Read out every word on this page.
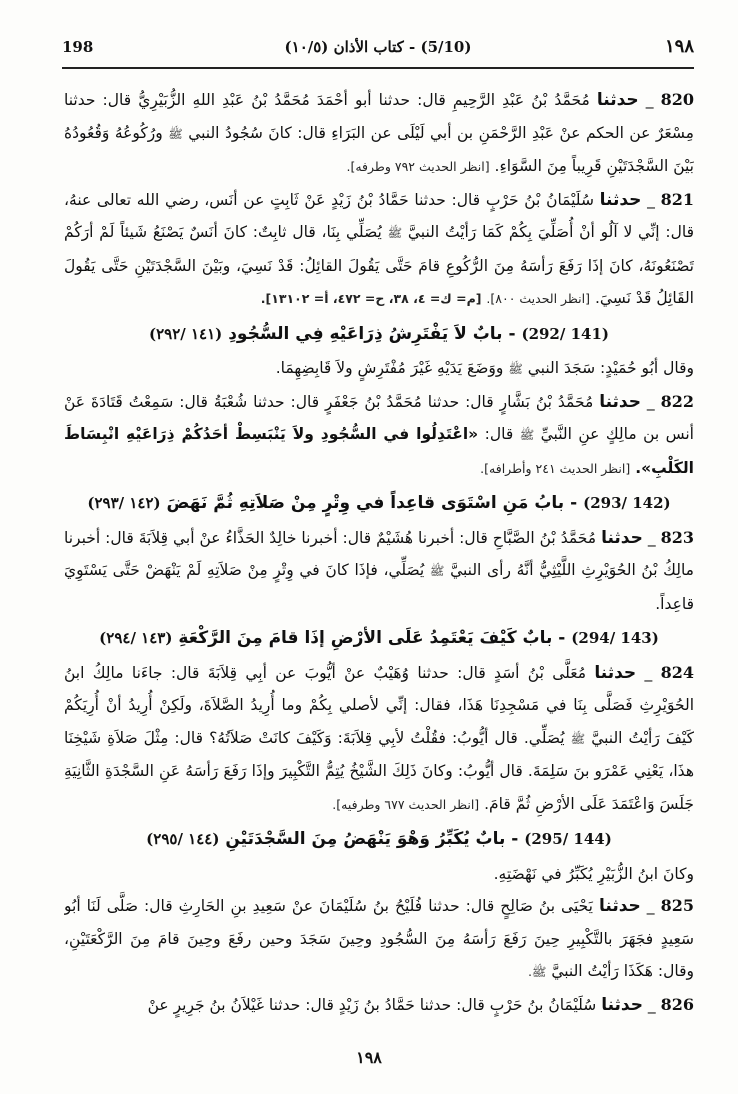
198	(5/10) - كتاب الأذان (١٠/٥)	١٩٨

820 _ حدثنا مُحَمَّدُ بْنُ عَبْدِ الرَّحِيمِ قال: حدثنا أبو أحْمَدَ مُحَمَّدُ بْنُ عَبْدِ اللهِ الزُّبَيْرِيُّ قال: حدثنا مِسْعَرٌ عن الحكم عنْ عَبْدِ الرَّحْمَنِ بن أبي لَيْلَى عن البَرَاءِ قال: كانَ سُجُودُ النبي ﷺ ورُكُوعُهُ وَقُعُودُهُ بَيْنَ السَّجْدَتَيْنِ قَرِيباً مِنَ السَّوَاءِ. [انظر الحديث ٧٩٢ وطرفه].

821 _ حدثنا سُلَيْمَانُ بْنُ حَرْبٍ قال: حدثنا حَمَّادُ بْنُ زَيْدٍ عَنْ ثَابِتٍ عن أنَس، رضي الله تعالى عنهُ، قال: إنِّي لا آلُو أنْ أُصَلِّيَ بِكُمْ كَمَا رَأيْتُ النبيَّ ﷺ يُصَلِّي بِنَا، قال ثابِتٌ: كانَ أنَسٌ يَصْنَعُ شَيئاً لَمْ أرَكُمْ تَصْنَعُونَهُ، كانَ إذَا رَفَعَ رَأسَهُ مِنَ الرُّكُوعِ قامَ حَتَّى يَقُولَ القائِلُ: قَدْ نَسِيَ، وبَيْنَ السَّجْدَتَيْنِ حَتَّى يَقُولَ القَائِلُ قَدْ نَسِيَ. [انظر الحديث ٨٠٠]. [م= ك= ٤، ٣٨، ح= ٤٧٢، أ= ١٣١٠٢].

(141 /292) - بابٌ لاَ يَفْتَرِشُ ذِرَاعَيْهِ فِي السُّجُودِ (١٤١ /٢٩٢)

وقال أبُو حُمَيْدٍ: سَجَدَ النبي ﷺ ووَضَعَ يَدَيْهِ غَيْرَ مُفْتَرِشٍ ولاَ قَابِضِهِمَا.

822 _ حدثنا مُحَمَّدُ بْنُ بَشَّارٍ قال: حدثنا مُحَمَّدُ بْنُ جَعْفَرٍ قال: حدثنا شُعْبَةُ قال: سَمِعْتُ قَتَادَةَ عَنْ أنس بن مالِكٍ عنِ النَّبيِّ ﷺ قال: «اعْتَدِلُوا في السُّجُودِ ولاَ يَنْبَسِطْ أحَدُكُمْ ذِرَاعَيْهِ انْبِسَاطَ الكَلْبِ». [انظر الحديث ٢٤١ وأطرافه].

(142 /293) - بابُ مَنِ اسْتَوَى قاعِداً في وِتْرٍ مِنْ صَلاَتِهِ ثُمَّ نَهَضَ (١٤٢ /٢٩٣)

823 _ حدثنا مُحَمَّدُ بْنُ الصَّبَّاحِ قال: أخبرنا هُشَيْمٌ قال: أخبرنا خالِدٌ الحَذَّاءُ عنْ أبي قِلاَبَةَ قال: أخبرنا مالِكُ بْنُ الحُوَيْرِثِ اللَّيْثِيُّ أنَّهُ رأى النبيَّ ﷺ يُصَلِّي، فإذَا كانَ في وِتْرٍ مِنْ صَلاَتِهِ لَمْ يَنْهَضْ حَتَّى يَسْتَوِيَ قاعِداً.

(143 /294) - بابٌ كَيْفَ يَعْتَمِدُ عَلَى الأرْضِ إذَا قامَ مِنَ الرَّكْعَةِ (١٤٣ /٢٩٤)

824 _ حدثنا مُعَلَّى بْنُ أسَدٍ قال: حدثنا وُهَيْبٌ عنْ أيُّوبَ عن أبِي قِلاَبَةَ قال: جاءَنا مالِكُ ابنُ الحُوَيْرِثِ فَصَلَّى بِنَا في مَسْجِدِنَا هَذَا، فقال: إنِّي لأصلي بِكُمْ وما أُرِيدُ الصَّلاَةَ، ولَكِنْ أُرِيدُ أنْ أُرِيَكُمْ كَيْفَ رَأيْتُ النبيَّ ﷺ يُصَلِّي. قال أيُّوبُ: فقُلْتُ لأبِي قِلاَبَةَ: وَكَيْفَ كانَتْ صَلاَتُهُ؟ قال: مِثْلَ صَلاَةِ شَيْخِنَا هذَا، يَعْنِي عَمْرَو بنَ سَلِمَةَ. قال أيُّوبُ: وكانَ ذَلِكَ الشَّيْخُ يُتِمُّ التَّكْبِيرَ وإذَا رَفَعَ رَأسَهُ عَنِ السَّجْدَةِ الثَّانِيَةِ جَلَسَ وَاعْتَمَدَ عَلَى الأرْضِ ثُمَّ قامَ. [انظر الحديث ٦٧٧ وطرفيه].

(144 /295) - بابٌ يُكَبِّرُ وَهْوَ يَنْهَضُ مِنَ السَّجْدَتَيْنِ (١٤٤ /٢٩٥)

وكانَ ابنُ الزُّبَيْرِ يُكَبِّرُ في نَهْضَتِهِ.

825 _ حدثنا يَحْيَى بنُ صَالِحٍ قال: حدثنا فُلَيْحُ بنُ سُلَيْمَانَ عنْ سَعِيدِ بنِ الحَارِثِ قال: صَلَّى لَنَا أبُو سَعِيدٍ فجَهَرَ بالتَّكْبِيرِ حِينَ رَفَعَ رَأسَهُ مِنَ السُّجُودِ وحِينَ سَجَدَ وحين رفَعَ وحِينَ قامَ مِنَ الرَّكْعَتَيْنِ، وقال: هَكَذَا رَأيْتُ النبيَّ ﷺ.

826 _ حدثنا سُلَيْمَانُ بنُ حَرْبٍ قال: حدثنا حَمَّادُ بنُ زَيْدٍ قال: حدثنا غَيْلاَنُ بنُ جَرِيرٍ عنْ

١٩٨
